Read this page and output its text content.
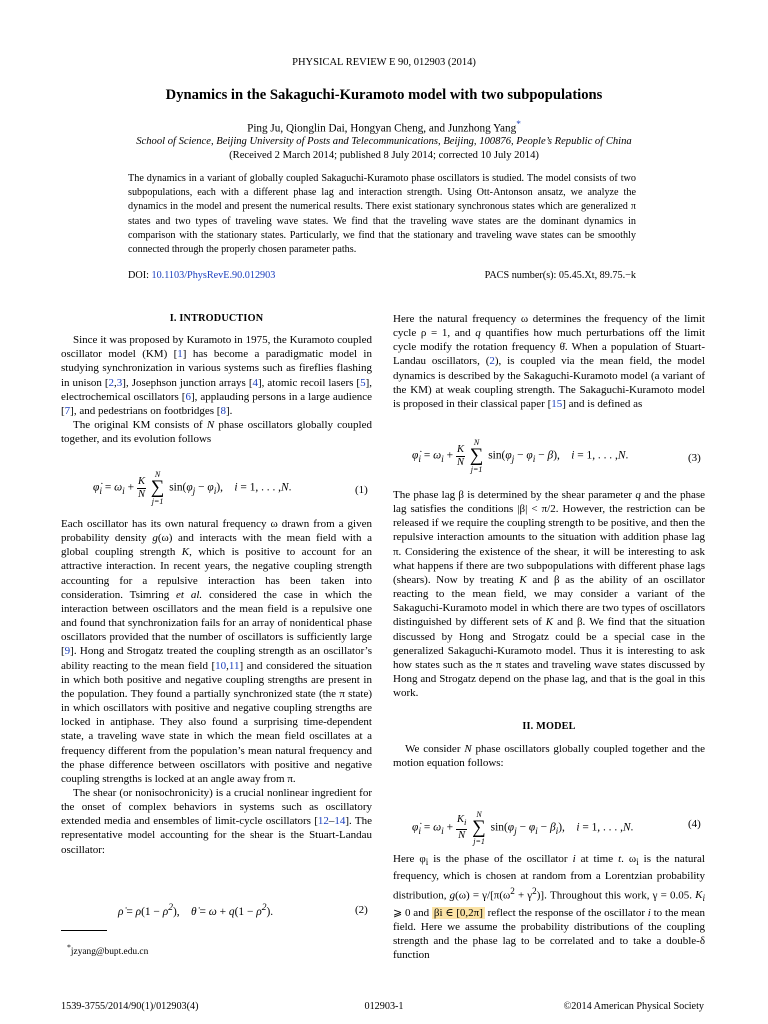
PHYSICAL REVIEW E 90, 012903 (2014)
Dynamics in the Sakaguchi-Kuramoto model with two subpopulations
Ping Ju, Qionglin Dai, Hongyan Cheng, and Junzhong Yang*
School of Science, Beijing University of Posts and Telecommunications, Beijing, 100876, People’s Republic of China
(Received 2 March 2014; published 8 July 2014; corrected 10 July 2014)
The dynamics in a variant of globally coupled Sakaguchi-Kuramoto phase oscillators is studied. The model consists of two subpopulations, each with a different phase lag and interaction strength. Using Ott-Antonson ansatz, we analyze the dynamics in the model and present the numerical results. There exist stationary synchronous states which are generalized π states and two types of traveling wave states. We find that the traveling wave states are the dominant dynamics in comparison with the stationary states. Particularly, we find that the stationary and traveling wave states can be smoothly connected through the properly chosen parameter paths.
DOI: 10.1103/PhysRevE.90.012903	PACS number(s): 05.45.Xt, 89.75.−k

I. INTRODUCTION

Since it was proposed by Kuramoto in 1975, the Kuramoto coupled oscillator model (KM) [1] has become a paradigmatic model in studying synchronization in various systems such as fireflies flashing in unison [2,3], Josephson junction arrays [4], atomic recoil lasers [5], electrochemical oscillators [6], applauding persons in a large audience [7], and pedestrians on footbridges [8].

The original KM consists of N phase oscillators globally coupled together, and its evolution follows

$\varphi̇_i = \omega_i + \frac{K}{N}$

N
∑
j=1
$\sin(\varphi_j - \varphi_i)$,    i = 1, . . . ,N.	(1)

Each oscillator has its own natural frequency ω drawn from a given probability density g(ω) and interacts with the mean field with a global coupling strength K, which is positive to account for an attractive interaction. In recent years, the negative coupling strength accounting for a repulsive interaction has been taken into consideration. Tsimring et al. considered the case in which the interaction between oscillators and the mean field is a repulsive one and found that synchronization fails for an array of nonidentical phase oscillators provided that the number of oscillators is sufficiently large [9]. Hong and Strogatz treated the coupling strength as an oscillator’s ability reacting to the mean field [10,11] and considered the situation in which both positive and negative coupling strengths are present in the population. They found a partially synchronized state (the π state) in which oscillators with positive and negative coupling strengths are locked in antiphase. They also found a surprising time-dependent state, a traveling wave state in which the mean field oscillates at a frequency different from the population’s mean natural frequency and the phase difference between oscillators with positive and negative coupling strengths is locked at an angle away from π.

The shear (or nonisochronicity) is a crucial nonlinear ingredient for the onset of complex behaviors in systems such as oscillatory extended media and ensembles of limit-cycle oscillators [12–14]. The representative model accounting for the shear is the Stuart-Landau oscillator:

ρ̇ = $\rho(1 - \rho^2)$,    θ̇ = $\omega + q(1 - \rho^2)$.	(2)
*jzyang@bupt.edu.cn

Here the natural frequency ω determines the frequency of the limit cycle ρ = 1, and q quantifies how much perturbations off the limit cycle modify the rotation frequency θ̇. When a population of Stuart-Landau oscillators, (2), is coupled via the mean field, the model dynamics is described by the Sakaguchi-Kuramoto model (a variant of the KM) at weak coupling strength. The Sakaguchi-Kuramoto model is proposed in their classical paper [15] and is defined as

$\varphi̇_i = \omega_i + \frac{K}{N}$

N
∑
j=1
$\sin(\varphi_j - \varphi_i - \beta)$,    i = 1, . . . ,N.	(3)

The phase lag β is determined by the shear parameter q and the phase lag satisfies the conditions |β| < π/2. However, the restriction can be released if we require the coupling strength to be positive, and then the repulsive interaction amounts to the situation with addition phase lag π. Considering the existence of the shear, it will be interesting to ask what happens if there are two subpopulations with different phase lags (shears). Now by treating K and β as the ability of an oscillator reacting to the mean field, we may consider a variant of the Sakaguchi-Kuramoto model in which there are two types of oscillators distinguished by different sets of K and β. We find that the situation discussed by Hong and Strogatz could be a special case in the generalized Sakaguchi-Kuramoto model. Thus it is interesting to ask how states such as the π states and traveling wave states discussed by Hong and Strogatz depend on the phase lag, and that is the goal in this work.

II. MODEL

We consider N phase oscillators globally coupled together and the motion equation follows:

$\varphi̇_i = \omega_i + \frac{K_i}{N}$
	N
∑
j=1
$\sin(\varphi_j - \varphi_i - \beta_i)$,    i = 1, . . . ,N.	(4)

Here $\varphi_i$ is the phase of the oscillator i at time t. $\omega_i$ is the natural frequency, which is chosen at random from a Lorentzian probability distribution, $g(\omega) = \gamma/[\pi(\omega^2 + \gamma^2)]$. Throughout this work, γ = 0.05. $K_i$ ⩾ 0 and βi ∈ [0,2π] reflect the response of the oscillator i to the mean field. Here we assume the probability distributions of the coupling strength and the phase lag to be correlated and to take a double-δ function

1539-3755/2014/90(1)/012903(4)	012903-1	©2014 American Physical Society
